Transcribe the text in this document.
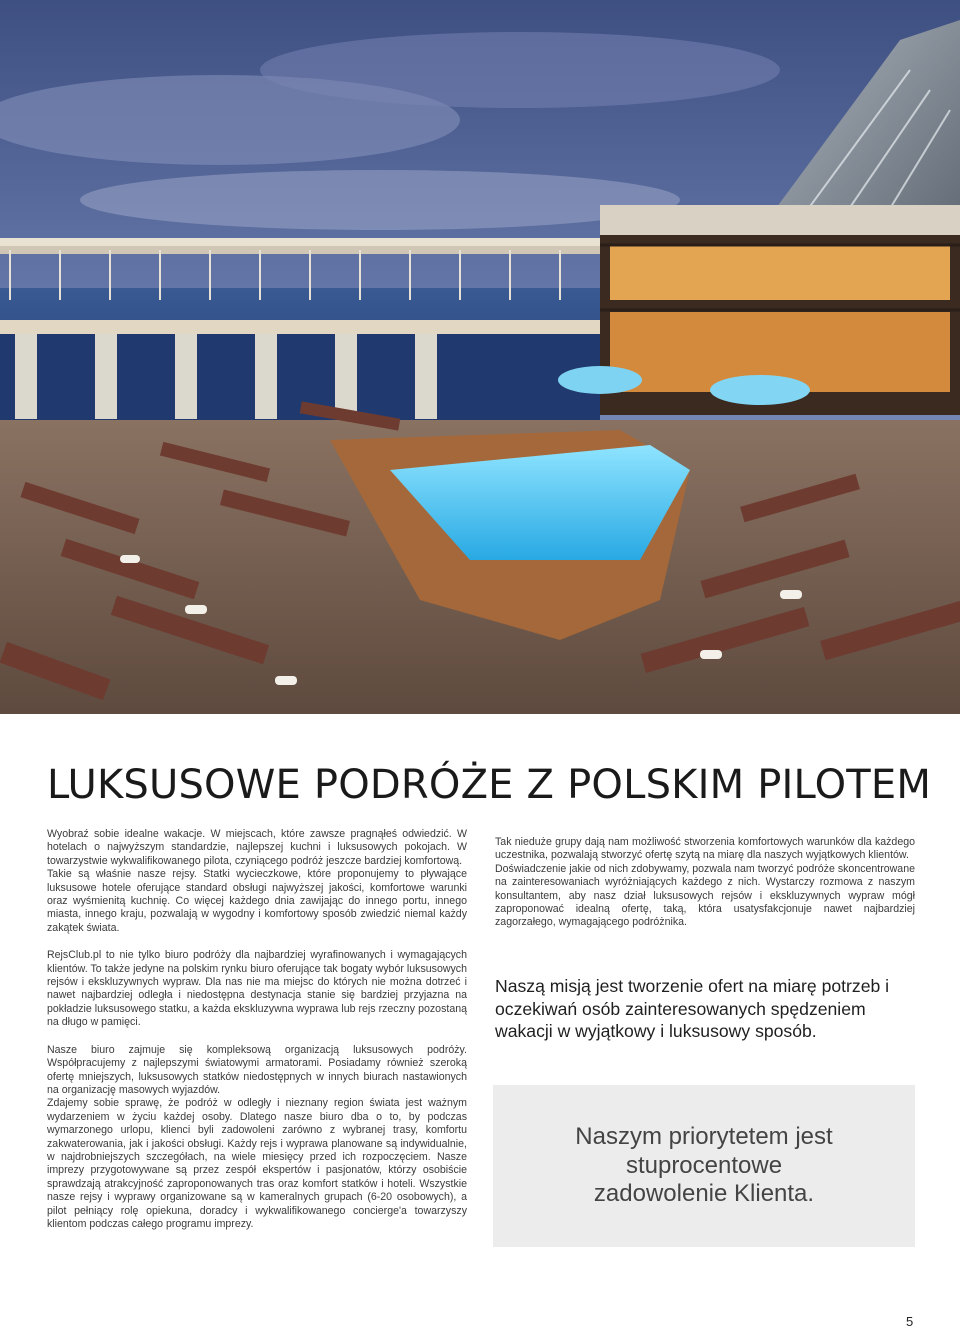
LUKSUSOWE PODRÓŻE Z POLSKIM PILOTEM

Wyobraź sobie idealne wakacje. W miejscach, które zawsze pragnąłeś odwiedzić. W hotelach o najwyższym standardzie, najlepszej kuchni i luksusowych pokojach. W towarzystwie wykwalifikowanego pilota, czyniącego podróż jeszcze bardziej komfortową.

Takie są właśnie nasze rejsy. Statki wycieczkowe, które proponujemy to pływające luksusowe hotele oferujące standard obsługi najwyższej jakości, komfortowe warunki oraz wyśmienitą kuchnię. Co więcej każdego dnia zawijając do innego portu, innego miasta, innego kraju, pozwalają w wygodny i komfortowy sposób zwiedzić niemal każdy zakątek świata.

RejsClub.pl to nie tylko biuro podróży dla najbardziej wyrafinowanych i wymagających klientów. To także jedyne na polskim rynku biuro oferujące tak bogaty wybór luksusowych rejsów i ekskluzywnych wypraw. Dla nas nie ma miejsc do których nie można dotrzeć i nawet najbardziej odległa i niedostępna destynacja stanie się bardziej przyjazna na pokładzie luksusowego statku, a każda ekskluzywna wyprawa lub rejs rzeczny pozostaną na długo w pamięci.

Nasze biuro zajmuje się kompleksową organizacją luksusowych podróży. Współpracujemy z najlepszymi światowymi armatorami. Posiadamy również szeroką ofertę mniejszych, luksusowych statków niedostępnych w innych biurach nastawionych na organizację masowych wyjazdów.

Zdajemy sobie sprawę, że podróż w odległy i nieznany region świata jest ważnym wydarzeniem w życiu każdej osoby. Dlatego nasze biuro dba o to, by podczas wymarzonego urlopu, klienci byli zadowoleni zarówno z wybranej trasy, komfortu zakwaterowania, jak i jakości obsługi. Każdy rejs i wyprawa planowane są indywidualnie, w najdrobniejszych szczegółach, na wiele miesięcy przed ich rozpoczęciem. Nasze imprezy przygotowywane są przez zespół ekspertów i pasjonatów, którzy osobiście sprawdzają atrakcyjność zaproponowanych tras oraz komfort statków i hoteli. Wszystkie nasze rejsy i wyprawy organizowane są w kameralnych grupach (6-20 osobowych), a pilot pełniący rolę opiekuna, doradcy i wykwalifikowanego concierge'a towarzyszy klientom podczas całego programu imprezy.

Tak nieduże grupy dają nam możliwość stworzenia komfortowych warunków dla każdego uczestnika, pozwalają stworzyć ofertę szytą na miarę dla naszych wyjątkowych klientów.

Doświadczenie jakie od nich zdobywamy, pozwala nam tworzyć podróże skoncentrowane na zainteresowaniach wyróżniających każdego z nich. Wystarczy rozmowa z naszym konsultantem, aby nasz dział luksusowych rejsów i ekskluzywnych wypraw mógł zaproponować idealną ofertę, taką, która usatysfakcjonuje nawet najbardziej zagorzałego, wymagającego podróżnika.

Naszą misją jest tworzenie ofert na miarę potrzeb i oczekiwań osób zainteresowanych spędzeniem wakacji w wyjątkowy i luksusowy sposób.

Naszym priorytetem jest
stuprocentowe
zadowolenie Klienta.
5
